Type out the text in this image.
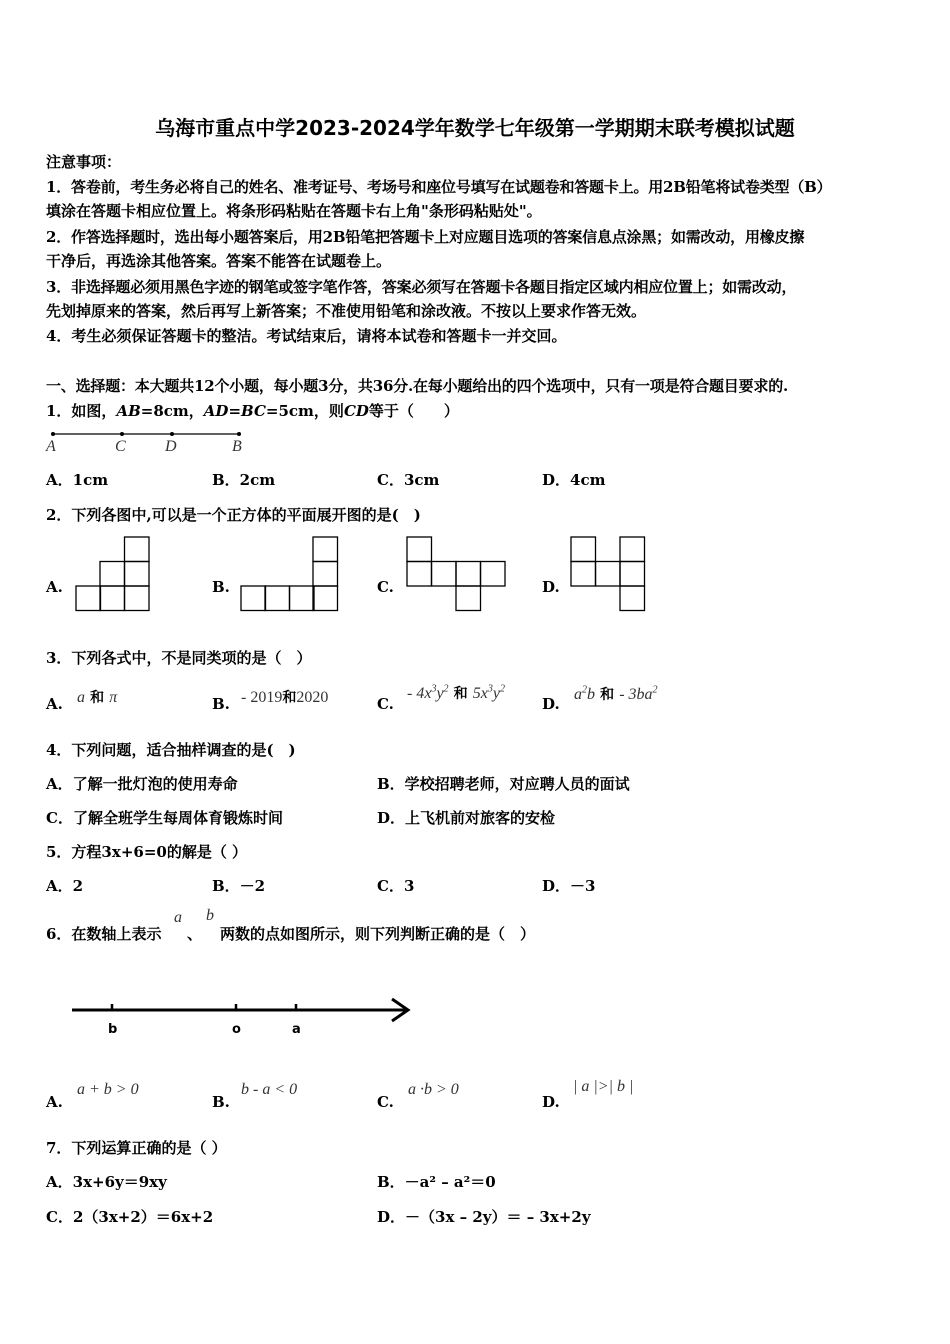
乌海市重点中学2023-2024学年数学七年级第一学期期末联考模拟试题
注意事项：
1．答卷前，考生务必将自己的姓名、准考证号、考场号和座位号填写在试题卷和答题卡上。用2B铅笔将试卷类型（B）
填涂在答题卡相应位置上。将条形码粘贴在答题卡右上角"条形码粘贴处"。
2．作答选择题时，选出每小题答案后，用2B铅笔把答题卡上对应题目选项的答案信息点涂黑；如需改动，用橡皮擦
干净后，再选涂其他答案。答案不能答在试题卷上。
3．非选择题必须用黑色字迹的钢笔或签字笔作答，答案必须写在答题卡各题目指定区域内相应位置上；如需改动，
先划掉原来的答案，然后再写上新答案；不准使用铅笔和涂改液。不按以上要求作答无效。
4．考生必须保证答题卡的整洁。考试结束后，请将本试卷和答题卡一并交回。
一、选择题：本大题共12个小题，每小题3分，共36分.在每小题给出的四个选项中，只有一项是符合题目要求的.
1．如图，AB=8cm，AD=BC=5cm，则CD等于（　　）
A	C D	B
A．1cm	B．2cm	C．3cm	D．4cm
2．下列各图中,可以是一个正方体的平面展开图的是(　)
A.	B.	C.	D.
3．下列各式中，不是同类项的是（　）
A. a 和 π	B. - 2019和2020	C.
- $4x^3y^2$ 和 $5x^3y^2$
D.
$a^2b$ 和 - $3ba^2$
4．下列问题，适合抽样调查的是(　)
A．了解一批灯泡的使用寿命	B．学校招聘老师，对应聘人员的面试
C．了解全班学生每周体育锻炼时间	D．上飞机前对旅客的安检
5．方程3x+6=0的解是（ ）
A．2	B．－2	C．3	D．－3
6．在数轴上表示
a
、
b
两数的点如图所示，则下列判断正确的是（　）
b	o	a
A.
a + b > 0
B.
b - a < 0
C.
a ·b > 0
D.
| a |>| b |
7．下列运算正确的是（ ）
A．3x+6y＝9xy	B．－a² – a²＝0
C．2（3x+2）＝6x+2	D．－（3x – 2y）＝ – 3x+2y
